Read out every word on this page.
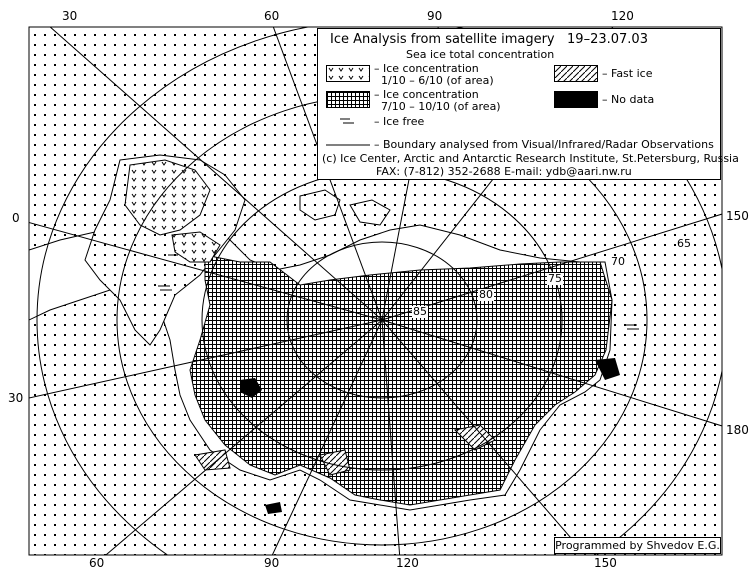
30	60	90	120
60	90	120	150
0
30
150
180
85
80
75
70
65
Ice Analysis from satellite imagery 19–23.07.03
Sea ice total concentration
– Ice concentration
1/10 – 6/10 (of area)
– Ice concentration
7/10 – 10/10 (of area)
– Ice free
– Fast ice
– No data
– Boundary analysed from Visual/Infrared/Radar Observations
(c) Ice Center, Arctic and Antarctic Research Institute, St.Petersburg, Russia
FAX: (7-812) 352-2688 E-mail: ydb@aari.nw.ru
Programmed by Shvedov E.G.
